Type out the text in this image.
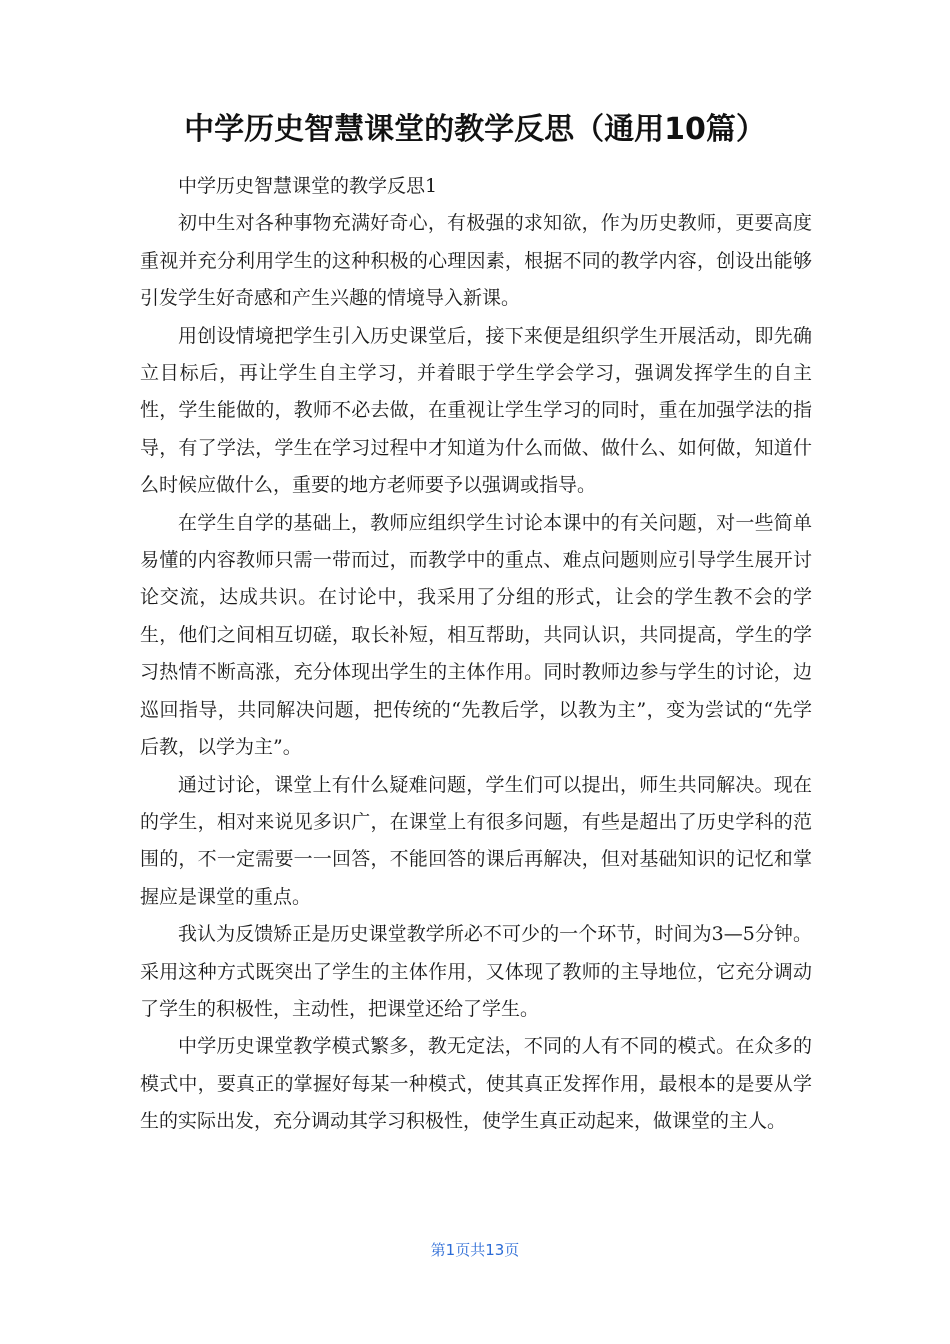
中学历史智慧课堂的教学反思（通用10篇）

中学历史智慧课堂的教学反思1

初中生对各种事物充满好奇心，有极强的求知欲，作为历史教师，更要高度重视并充分利用学生的这种积极的心理因素，根据不同的教学内容，创设出能够引发学生好奇感和产生兴趣的情境导入新课。

用创设情境把学生引入历史课堂后，接下来便是组织学生开展活动，即先确立目标后，再让学生自主学习，并着眼于学生学会学习，强调发挥学生的自主性，学生能做的，教师不必去做，在重视让学生学习的同时，重在加强学法的指导，有了学法，学生在学习过程中才知道为什么而做、做什么、如何做，知道什么时候应做什么，重要的地方老师要予以强调或指导。

在学生自学的基础上，教师应组织学生讨论本课中的有关问题，对一些简单易懂的内容教师只需一带而过，而教学中的重点、难点问题则应引导学生展开讨论交流，达成共识。在讨论中，我采用了分组的形式，让会的学生教不会的学生，他们之间相互切磋，取长补短，相互帮助，共同认识，共同提高，学生的学习热情不断高涨，充分体现出学生的主体作用。同时教师边参与学生的讨论，边巡回指导，共同解决问题，把传统的“先教后学，以教为主”，变为尝试的“先学后教，以学为主”。

通过讨论，课堂上有什么疑难问题，学生们可以提出，师生共同解决。现在的学生，相对来说见多识广，在课堂上有很多问题，有些是超出了历史学科的范围的，不一定需要一一回答，不能回答的课后再解决，但对基础知识的记忆和掌握应是课堂的重点。

我认为反馈矫正是历史课堂教学所必不可少的一个环节，时间为3—5分钟。采用这种方式既突出了学生的主体作用，又体现了教师的主导地位，它充分调动了学生的积极性，主动性，把课堂还给了学生。

中学历史课堂教学模式繁多，教无定法，不同的人有不同的模式。在众多的模式中，要真正的掌握好每某一种模式，使其真正发挥作用，最根本的是要从学生的实际出发，充分调动其学习积极性，使学生真正动起来，做课堂的主人。

第1页共13页
